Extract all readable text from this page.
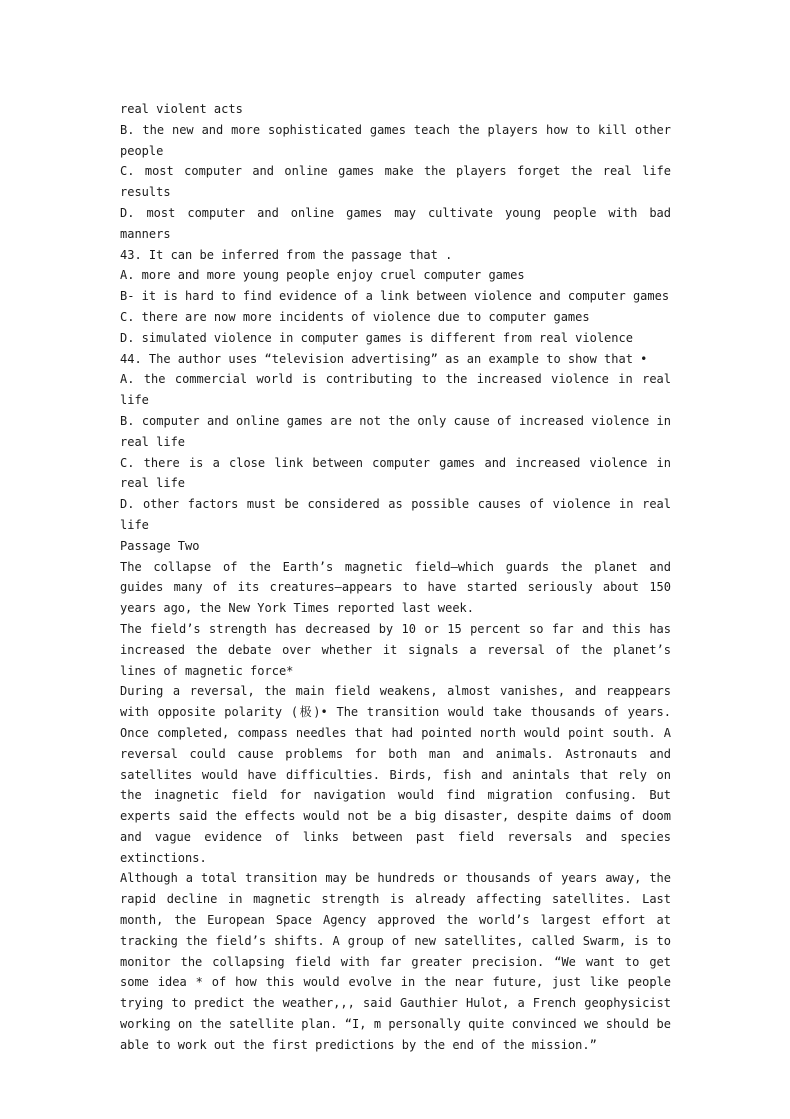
real violent acts

B. the new and more sophisticated games teach the players how to kill other people

C. most computer and online games make the players forget the real life results

D. most computer and online games may cultivate young people with bad manners

43. It can be inferred from the passage that .

A. more and more young people enjoy cruel computer games

B- it is hard to find evidence of a link between violence and computer games

C. there are now more incidents of violence due to computer games

D. simulated violence in computer games is different from real violence

44. The author uses “television advertising” as an example to show that •

A. the commercial world is contributing to the increased violence in real life

B. computer and online games are not the only cause of increased violence in real life

C. there is a close link between computer games and increased violence in real life

D. other factors must be considered as possible causes of violence in real life

Passage Two

The collapse of the Earth’s magnetic field—which guards the planet and guides many of its creatures—appears to have started seriously about 150 years ago, the New York Times reported last week.

The field’s strength has decreased by 10 or 15 percent so far and this has increased the debate over whether it signals a reversal of the planet’s lines of magnetic force*

During a reversal, the main field weakens, almost vanishes, and reappears with opposite polarity (极)• The transition would take thousands of years. Once completed, compass needles that had pointed north would point south. A reversal could cause problems for both man and animals. Astronauts and satellites would have difficulties. Birds, fish and anintals that rely on the inagnetic field for navigation would find migration confusing. But experts said the effects would not be a big disaster, despite daims of doom and vague evidence of links between past field reversals and species extinctions.

Although a total transition may be hundreds or thousands of years away, the rapid decline in magnetic strength is already affecting satellites. Last month, the European Space Agency approved the world’s largest effort at tracking the field’s shifts. A group of new satellites, called Swarm, is to monitor the collapsing field with far greater precision. “We want to get some idea * of how this would evolve in the near future, just like people trying to predict the weather,,, said Gauthier Hulot, a French geophysicist working on the satellite plan. “I, m personally quite convinced we should be able to work out the first predictions by the end of the mission.”
